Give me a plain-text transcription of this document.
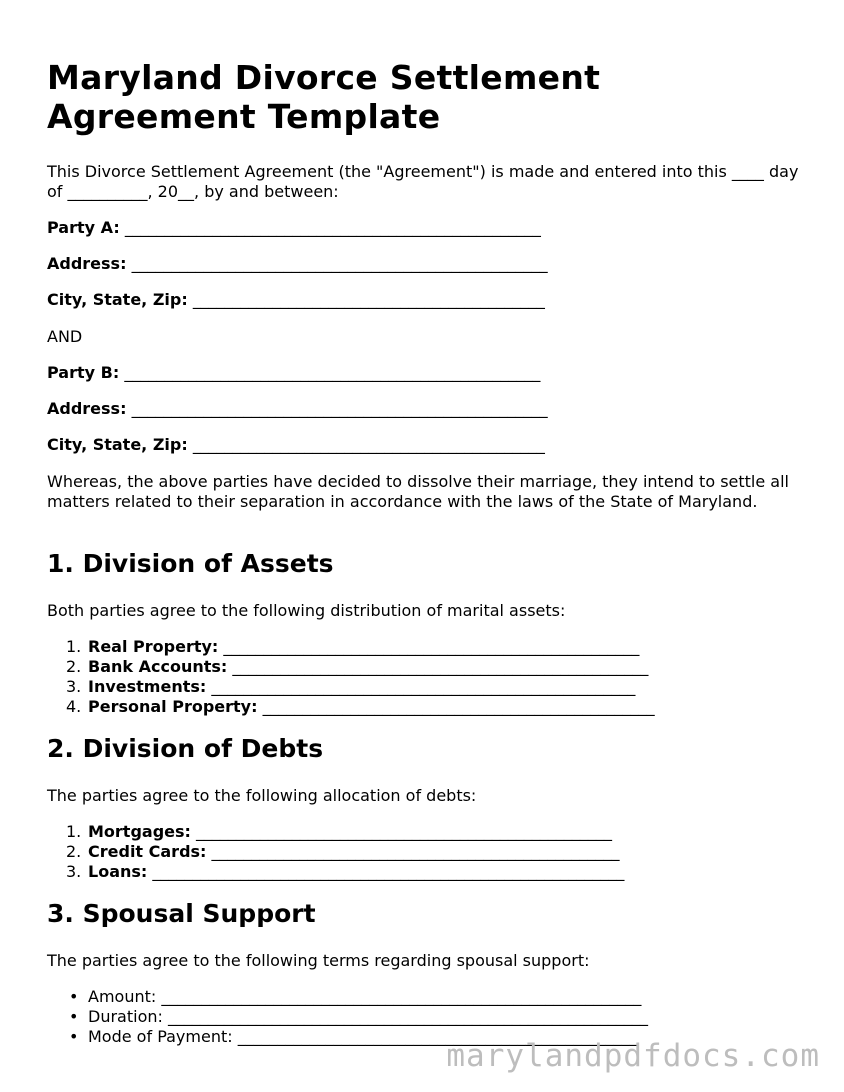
Maryland Divorce Settlement Agreement Template

This Divorce Settlement Agreement (the "Agreement") is made and entered into this ____ day of __________, 20__, by and between:

Party A: ____________________________________________________
Address: ____________________________________________________
City, State, Zip: ____________________________________________
AND
Party B: ____________________________________________________
Address: ____________________________________________________
City, State, Zip: ____________________________________________

Whereas, the above parties have decided to dissolve their marriage, they intend to settle all matters related to their separation in accordance with the laws of the State of Maryland.

1. Division of Assets

Both parties agree to the following distribution of marital assets:

1. Real Property: ____________________________________________________
2. Bank Accounts: ____________________________________________________
3. Investments: _____________________________________________________
4. Personal Property: _________________________________________________
2. Division of Debts

The parties agree to the following allocation of debts:

1. Mortgages: ____________________________________________________
2. Credit Cards: ___________________________________________________
3. Loans: ___________________________________________________________
3. Spousal Support

The parties agree to the following terms regarding spousal support:

• Amount: ____________________________________________________________
• Duration: ____________________________________________________________
• Mode of Payment: __________________________________________________
marylandpdfdocs.com
